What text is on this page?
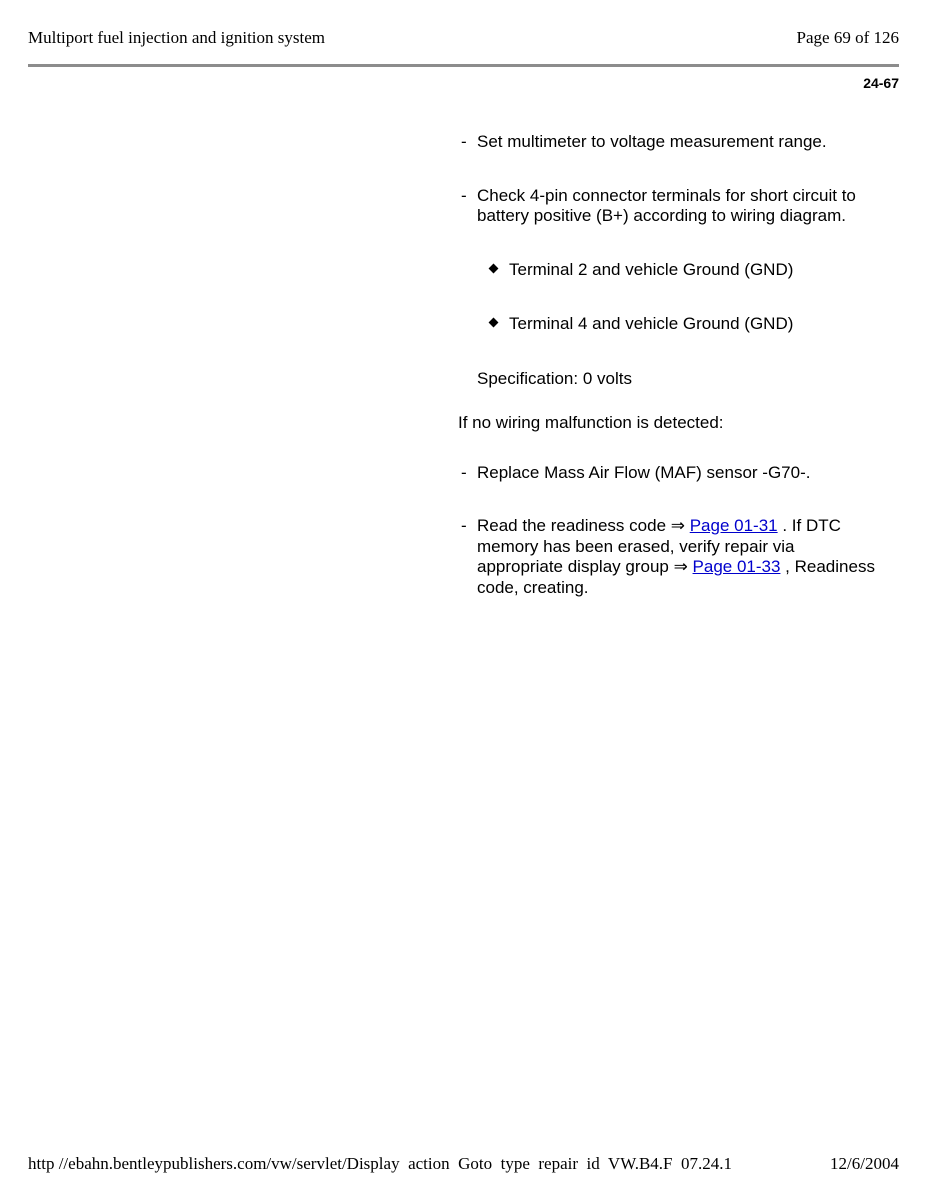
Multiport fuel injection and ignition system	Page 69 of 126
24-67
- Set multimeter to voltage measurement range.
- Check 4-pin connector terminals for short circuit to battery positive (B+) according to wiring diagram.
Terminal 2 and vehicle Ground (GND)
Terminal 4 and vehicle Ground (GND)
Specification: 0 volts
If no wiring malfunction is detected:
- Replace Mass Air Flow (MAF) sensor -G70-.
- Read the readiness code ⇒ Page 01-31 . If DTC memory has been erased, verify repair via appropriate display group ⇒ Page 01-33 , Readiness code, creating.
http //ebahn.bentleypublishers.com/vw/servlet/Display  action  Goto  type  repair  id  VW.B4.F  07.24.1	12/6/2004
